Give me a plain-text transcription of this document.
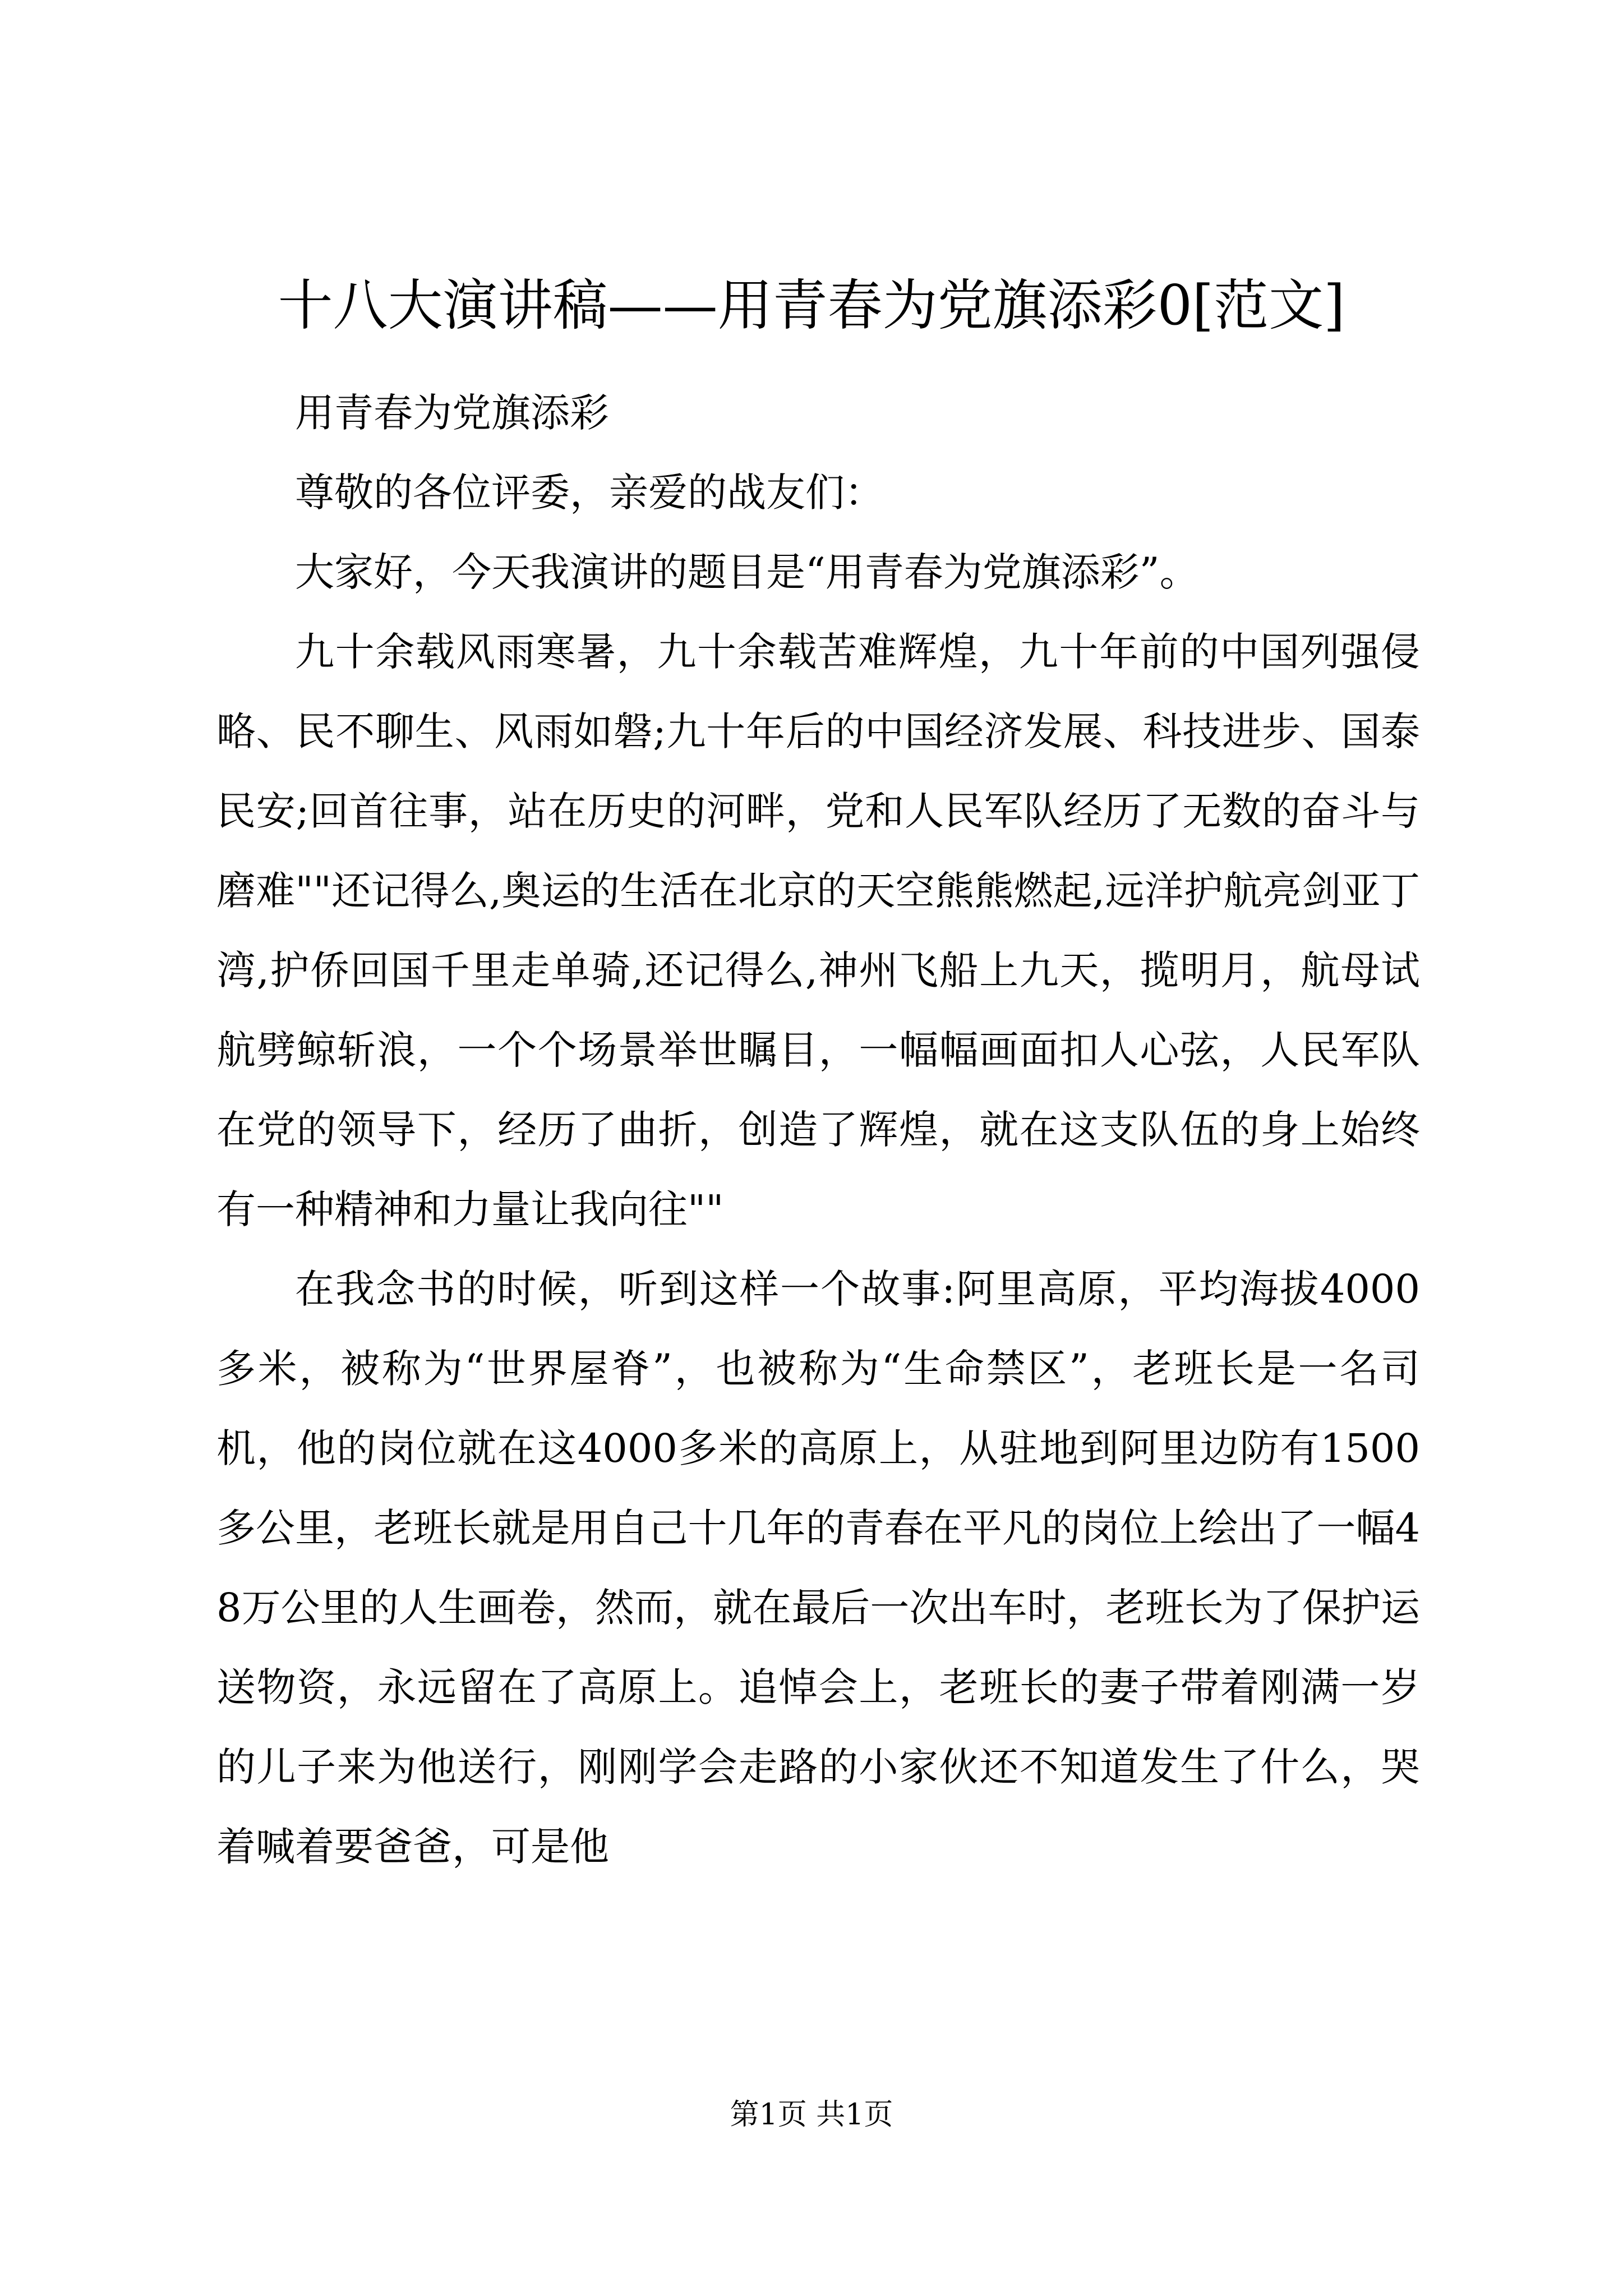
十八大演讲稿——用青春为党旗添彩0[范文]

用青春为党旗添彩

尊敬的各位评委，亲爱的战友们：

大家好，今天我演讲的题目是“用青春为党旗添彩”。

九十余载风雨寒暑，九十余载苦难辉煌，九十年前的中国列强侵略、民不聊生、风雨如磐;九十年后的中国经济发展、科技进步、国泰民安;回首往事，站在历史的河畔，党和人民军队经历了无数的奋斗与磨难""还记得么,奥运的生活在北京的天空熊熊燃起,远洋护航亮剑亚丁湾,护侨回国千里走单骑,还记得么,神州飞船上九天，揽明月，航母试航劈鲸斩浪，一个个场景举世瞩目，一幅幅画面扣人心弦，人民军队在党的领导下，经历了曲折，创造了辉煌，就在这支队伍的身上始终有一种精神和力量让我向往""

在我念书的时候，听到这样一个故事:阿里高原，平均海拔4000多米，被称为“世界屋脊”，也被称为“生命禁区”，老班长是一名司机，他的岗位就在这4000多米的高原上，从驻地到阿里边防有1500多公里，老班长就是用自己十几年的青春在平凡的岗位上绘出了一幅48万公里的人生画卷，然而，就在最后一次出车时，老班长为了保护运送物资，永远留在了高原上。追悼会上，老班长的妻子带着刚满一岁的儿子来为他送行，刚刚学会走路的小家伙还不知道发生了什么，哭着喊着要爸爸，可是他

第1页 共1页
